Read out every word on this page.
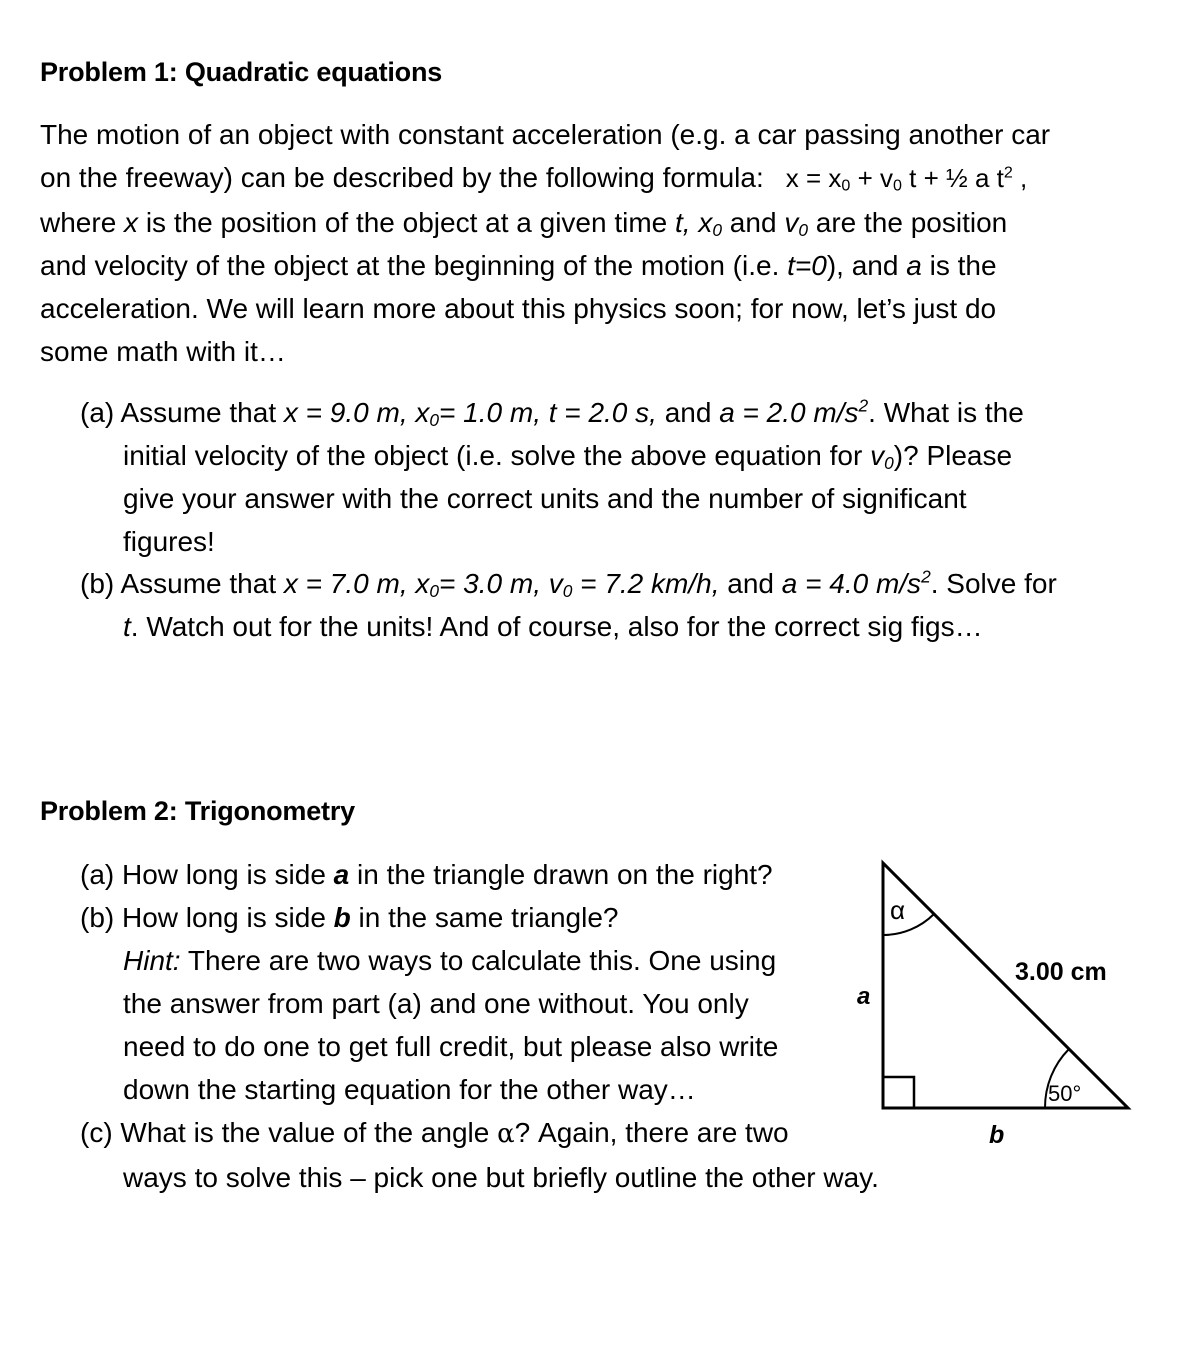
Problem 1: Quadratic equations
The motion of an object with constant acceleration (e.g. a car passing another car
on the freeway) can be described by the following formula: $x = x_0 + v_0$ t + ½ a $t^2$ ,
where x is the position of the object at a given time t, $x_0$ and $v_0$ are the position
and velocity of the object at the beginning of the motion (i.e. t=0), and a is the
acceleration. We will learn more about this physics soon; for now, let’s just do
some math with it…
(a) Assume that x = 9.0 m, $x_0= 1.0$ m, t = 2.0 s, and a = 2.0 $m/s^2$. What is the
initial velocity of the object (i.e. solve the above equation for $v_0$)? Please
give your answer with the correct units and the number of significant
figures!
(b) Assume that x = 7.0 m, $x_0= 3.0$ m, $v_0 = 7.2$ km/h, and a = 4.0 $m/s^2$. Solve for
t. Watch out for the units! And of course, also for the correct sig figs…
Problem 2: Trigonometry
(a) How long is side a in the triangle drawn on the right?
(b) How long is side b in the same triangle?
Hint: There are two ways to calculate this. One using
the answer from part (a) and one without. You only
need to do one to get full credit, but please also write
down the starting equation for the other way…
(c) What is the value of the angle α? Again, there are two
ways to solve this – pick one but briefly outline the other way.
α
3.00 cm
a
b
50°
